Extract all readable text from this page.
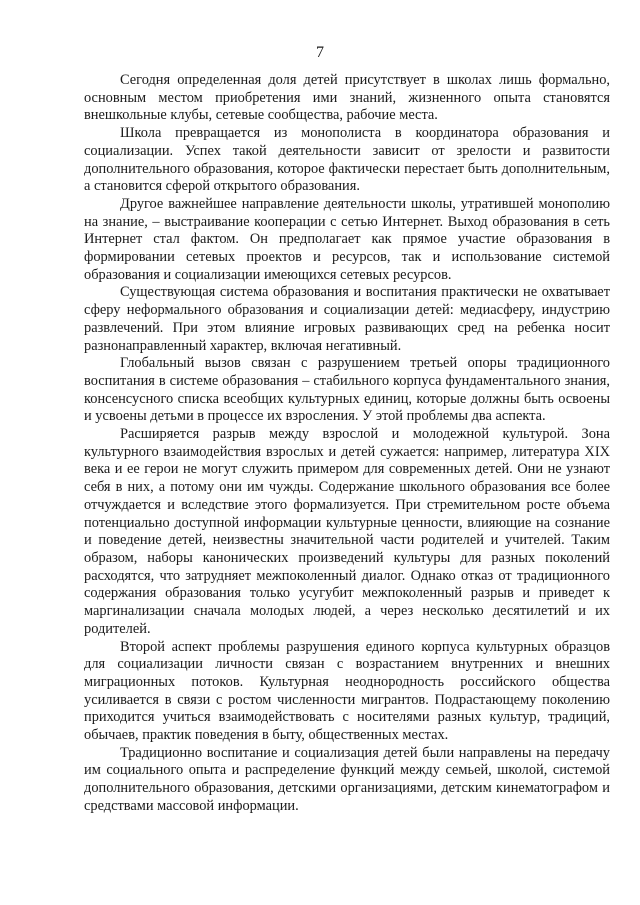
7

Сегодня определенная доля детей присутствует в школах лишь формально, основным местом приобретения ими знаний, жизненного опыта становятся внешкольные клубы, сетевые сообщества, рабочие места.

Школа превращается из монополиста в координатора образования и социализации. Успех такой деятельности зависит от зрелости и развитости дополнительного образования, которое фактически перестает быть дополнительным, а становится сферой открытого образования.

Другое важнейшее направление деятельности школы, утратившей монополию на знание, – выстраивание кооперации с сетью Интернет. Выход образования в сеть Интернет стал фактом. Он предполагает как прямое участие образования в формировании сетевых проектов и ресурсов, так и использование системой образования и социализации имеющихся сетевых ресурсов.

Существующая система образования и воспитания практически не охватывает сферу неформального образования и социализации детей: медиасферу, индустрию развлечений. При этом влияние игровых развивающих сред на ребенка носит разнонаправленный характер, включая негативный.

Глобальный вызов связан с разрушением третьей опоры традиционного воспитания в системе образования – стабильного корпуса фундаментального знания, консенсусного списка всеобщих культурных единиц, которые должны быть освоены и усвоены детьми в процессе их взросления. У этой проблемы два аспекта.

Расширяется разрыв между взрослой и молодежной культурой. Зона культурного взаимодействия взрослых и детей сужается: например, литература XIX века и ее герои не могут служить примером для современных детей. Они не узнают себя в них, а потому они им чужды. Содержание школьного образования все более отчуждается и вследствие этого формализуется. При стремительном росте объема потенциально доступной информации культурные ценности, влияющие на сознание и поведение детей, неизвестны значительной части родителей и учителей. Таким образом, наборы канонических произведений культуры для разных поколений расходятся, что затрудняет межпоколенный диалог. Однако отказ от традиционного содержания образования только усугубит межпоколенный разрыв и приведет к маргинализации сначала молодых людей, а через несколько десятилетий и их родителей.

Второй аспект проблемы разрушения единого корпуса культурных образцов для социализации личности связан с возрастанием внутренних и внешних миграционных потоков. Культурная неоднородность российского общества усиливается в связи с ростом численности мигрантов. Подрастающему поколению приходится учиться взаимодействовать с носителями разных культур, традиций, обычаев, практик поведения в быту, общественных местах.

Традиционно воспитание и социализация детей были направлены на передачу им социального опыта и распределение функций между семьей, школой, системой дополнительного образования, детскими организациями, детским кинематографом и средствами массовой информации.
